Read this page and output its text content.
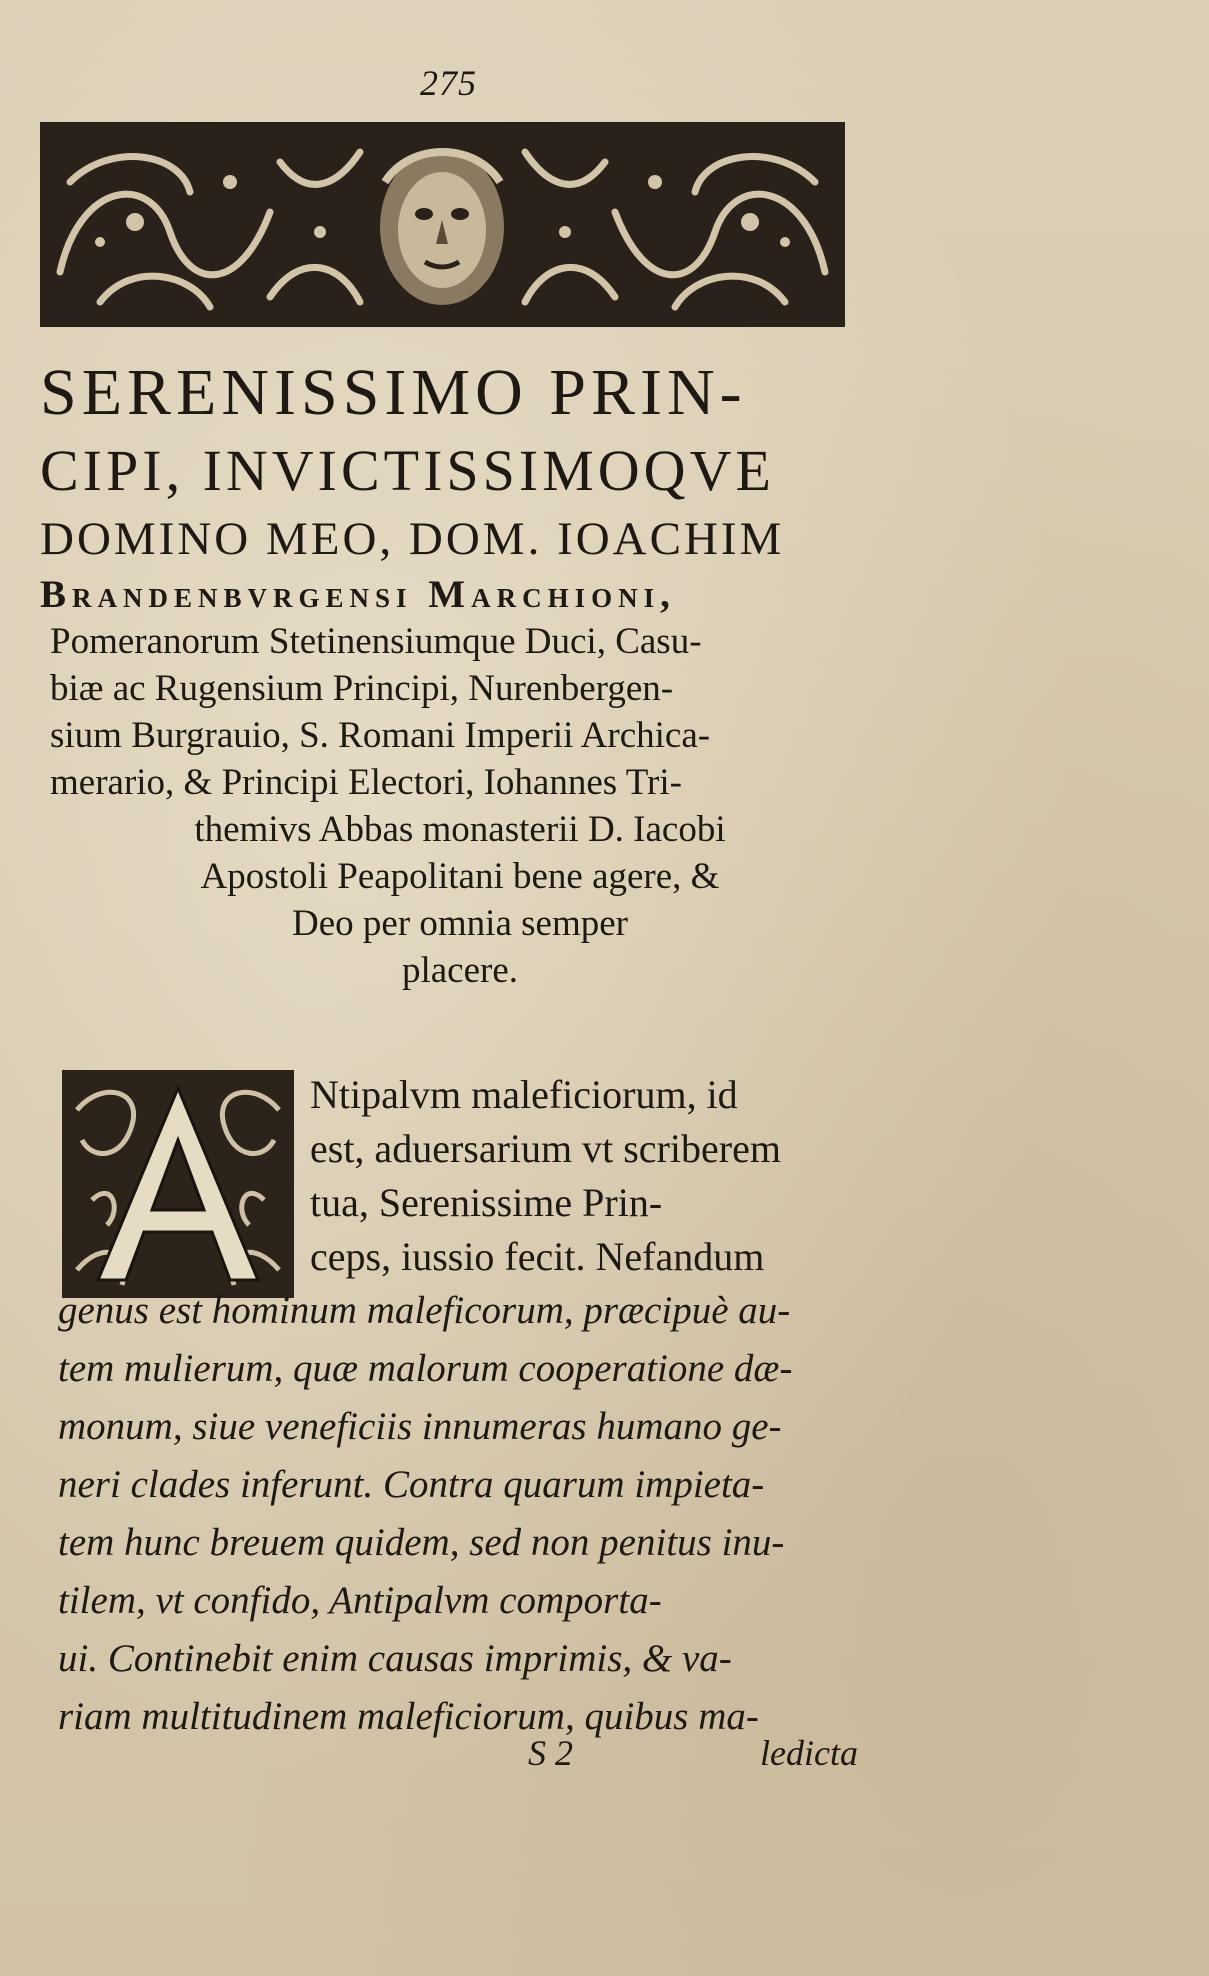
275
SERENISSIMO PRIN-
CIPI, INVICTISSIMOQVE
DOMINO MEO, DOM. IOACHIM
Brandenbvrgensi Marchioni,
Pomeranorum Stetinensiumque Duci, Casu-
biæ ac Rugensium Principi, Nurenbergen-
sium Burgrauio, S. Romani Imperii Archica-
merario, & Principi Electori, Iohannes Tri-
themivs Abbas monasterii D. Iacobi
Apostoli Peapolitani bene agere, &
Deo per omnia semper
placere.
A
Ntipalvm maleficiorum, id
est, aduersarium vt scriberem
tua, Serenissime Prin-
ceps, iussio fecit. Nefandum
genus est hominum maleficorum, præcipuè au-
tem mulierum, quæ malorum cooperatione dæ-
monum, siue veneficiis innumeras humano ge-
neri clades inferunt. Contra quarum impieta-
tem hunc breuem quidem, sed non penitus inu-
tilem, vt confido, Antipalvm comporta-
ui. Continebit enim causas imprimis, & va-
riam multitudinem maleficiorum, quibus ma-
S 2	ledicta
